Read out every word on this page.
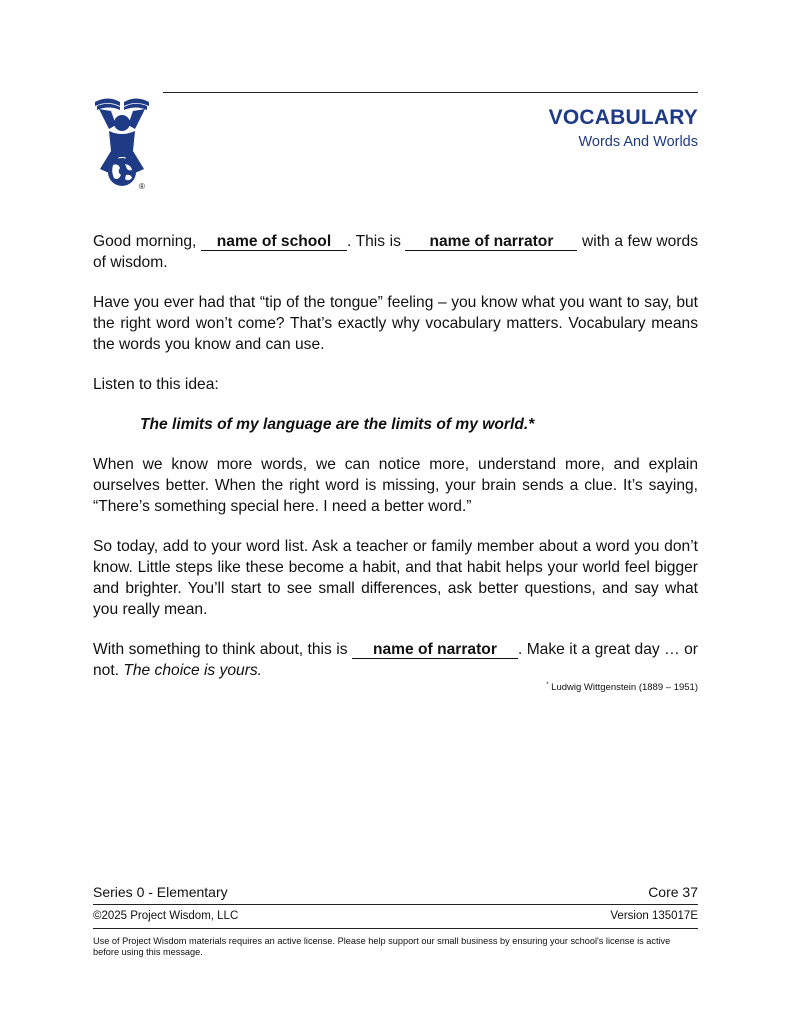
®
VOCABULARY
Words And Worlds

Good morning, name of school . This is name of narrator with a few words of wisdom.

Have you ever had that “tip of the tongue” feeling – you know what you want to say, but the right word won’t come? That’s exactly why vocabulary matters. Vocabulary means the words you know and can use.

Listen to this idea:

The limits of my language are the limits of my world.*

When we know more words, we can notice more, understand more, and explain ourselves better. When the right word is missing, your brain sends a clue. It’s saying, “There’s something special here. I need a better word.”

So today, add to your word list. Ask a teacher or family member about a word you don’t know. Little steps like these become a habit, and that habit helps your world feel bigger and brighter. You’ll start to see small differences, ask better questions, and say what you really mean.

With something to think about, this is name of narrator . Make it a great day … or not. The choice is yours.

* Ludwig Wittgenstein (1889 – 1951)
Series 0 - Elementary	Core 37
©2025 Project Wisdom, LLC	Version 135017E
Use of Project Wisdom materials requires an active license. Please help support our small business by ensuring your school's license is active before using this message.
